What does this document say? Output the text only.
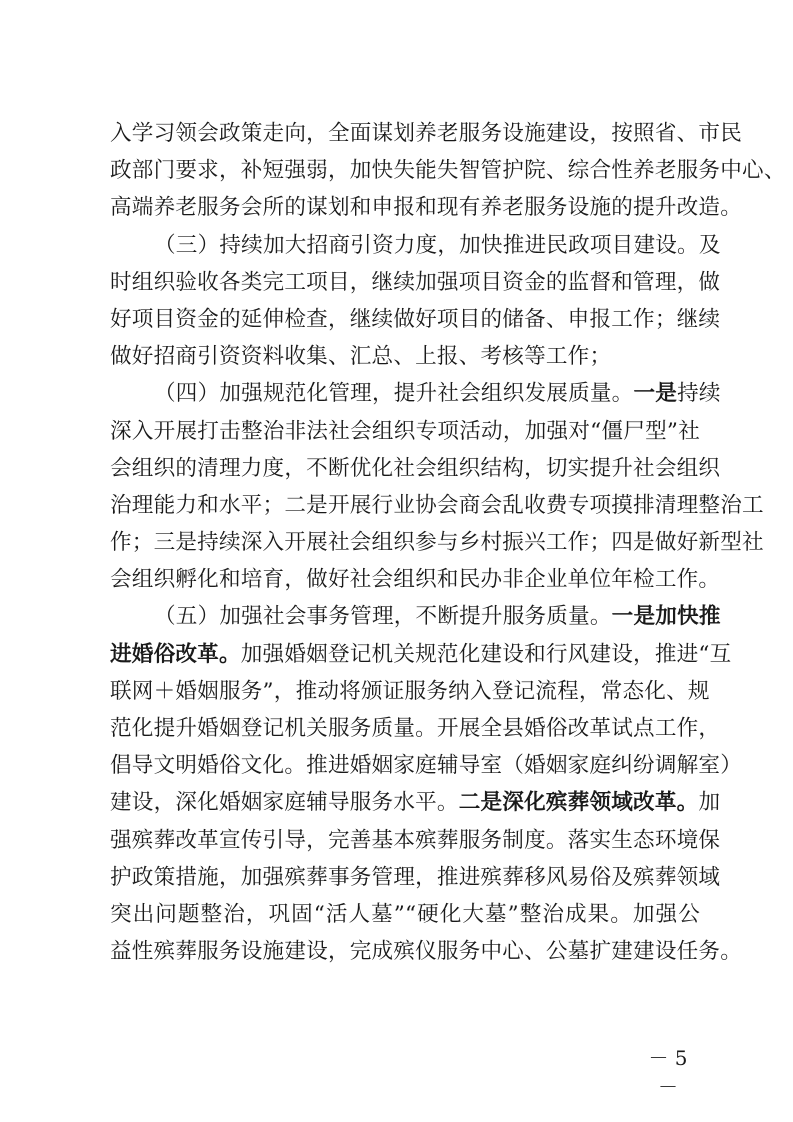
入学习领会政策走向，全面谋划养老服务设施建设，按照省、市民
政部门要求，补短强弱，加快失能失智管护院、综合性养老服务中心、
高端养老服务会所的谋划和申报和现有养老服务设施的提升改造。
（三）持续加大招商引资力度，加快推进民政项目建设。及
时组织验收各类完工项目，继续加强项目资金的监督和管理，做
好项目资金的延伸检查，继续做好项目的储备、申报工作；继续
做好招商引资资料收集、汇总、上报、考核等工作；
（四）加强规范化管理，提升社会组织发展质量。一是持续
深入开展打击整治非法社会组织专项活动，加强对“僵尸型”社
会组织的清理力度，不断优化社会组织结构，切实提升社会组织
治理能力和水平；二是开展行业协会商会乱收费专项摸排清理整治工
作；三是持续深入开展社会组织参与乡村振兴工作；四是做好新型社
会组织孵化和培育，做好社会组织和民办非企业单位年检工作。
（五）加强社会事务管理，不断提升服务质量。一是加快推
进婚俗改革。加强婚姻登记机关规范化建设和行风建设，推进“互
联网＋婚姻服务”，推动将颁证服务纳入登记流程，常态化、规
范化提升婚姻登记机关服务质量。开展全县婚俗改革试点工作，
倡导文明婚俗文化。推进婚姻家庭辅导室（婚姻家庭纠纷调解室）
建设，深化婚姻家庭辅导服务水平。二是深化殡葬领域改革。加
强殡葬改革宣传引导，完善基本殡葬服务制度。落实生态环境保
护政策措施，加强殡葬事务管理，推进殡葬移风易俗及殡葬领域
突出问题整治，巩固“活人墓”“硬化大墓”整治成果。加强公
益性殡葬服务设施建设，完成殡仪服务中心、公墓扩建建设任务。
－ 5 －
